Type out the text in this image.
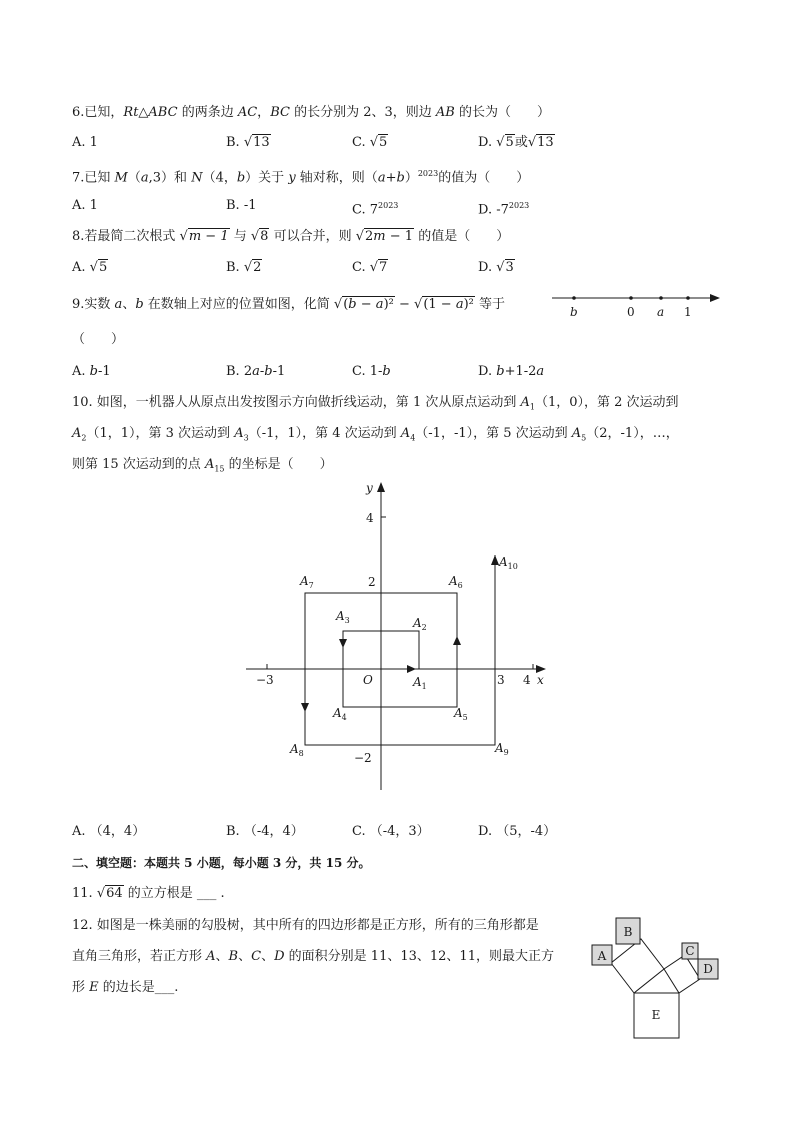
6.已知，Rt△ABC 的两条边 AC，BC 的长分别为 2、3，则边 AB 的长为（　　）
A. 1	B. √13	C. √5	D. √5或√13
7.已知 M（a,3）和 N（4，b）关于 y 轴对称，则$(a+b)^{2023}$的值为（　　）
A. 1	B. -1	C. $7^{2023}$	D. $-7^{2023}$
8.若最简二次根式 √m − 1 与 √8 可以合并，则 √2m − 1 的值是（　　）
A. √5	B. √2	C. √7	D. √3
9.实数 a、b 在数轴上对应的位置如图，化简 √(b − a)² − √(1 − a)² 等于
（　　）
b	0 a 1
A. b-1	B. 2a-b-1	C. 1-b	D. b+1-2a
10. 如图，一机器人从原点出发按图示方向做折线运动，第 1 次从原点运动到 $A_1(1$，0），第 2 次运动到
$A_2(1$，1），第 3 次运动到 $A_3(-1$，1），第 4 次运动到 $A_4(-1$，-1），第 5 次运动到 $A_5(2$，-1），…，
则第 15 次运动到的点 $A_{15}$ 的坐标是（　　）
x
y
O
−3	3 4
4
2
−2
$A_1$
$A_2$
$A_3$
$A_4$	$A_5$
$A_6$
$A_7$
$A_8$	$A_9$
$A_{10}$
A. （4，4）	B. （-4，4）	C. （-4，3）	D. （5，-4）
二、填空题：本题共 5 小题，每小题 3 分，共 15 分。
11. √64 的立方根是 ___ .
12. 如图是一株美丽的勾股树，其中所有的四边形都是正方形，所有的三角形都是
直角三角形，若正方形 A、B、C、D 的面积分别是 11、13、12、11，则最大正方
形 E 的边长是___.
A
B
C
D
E
